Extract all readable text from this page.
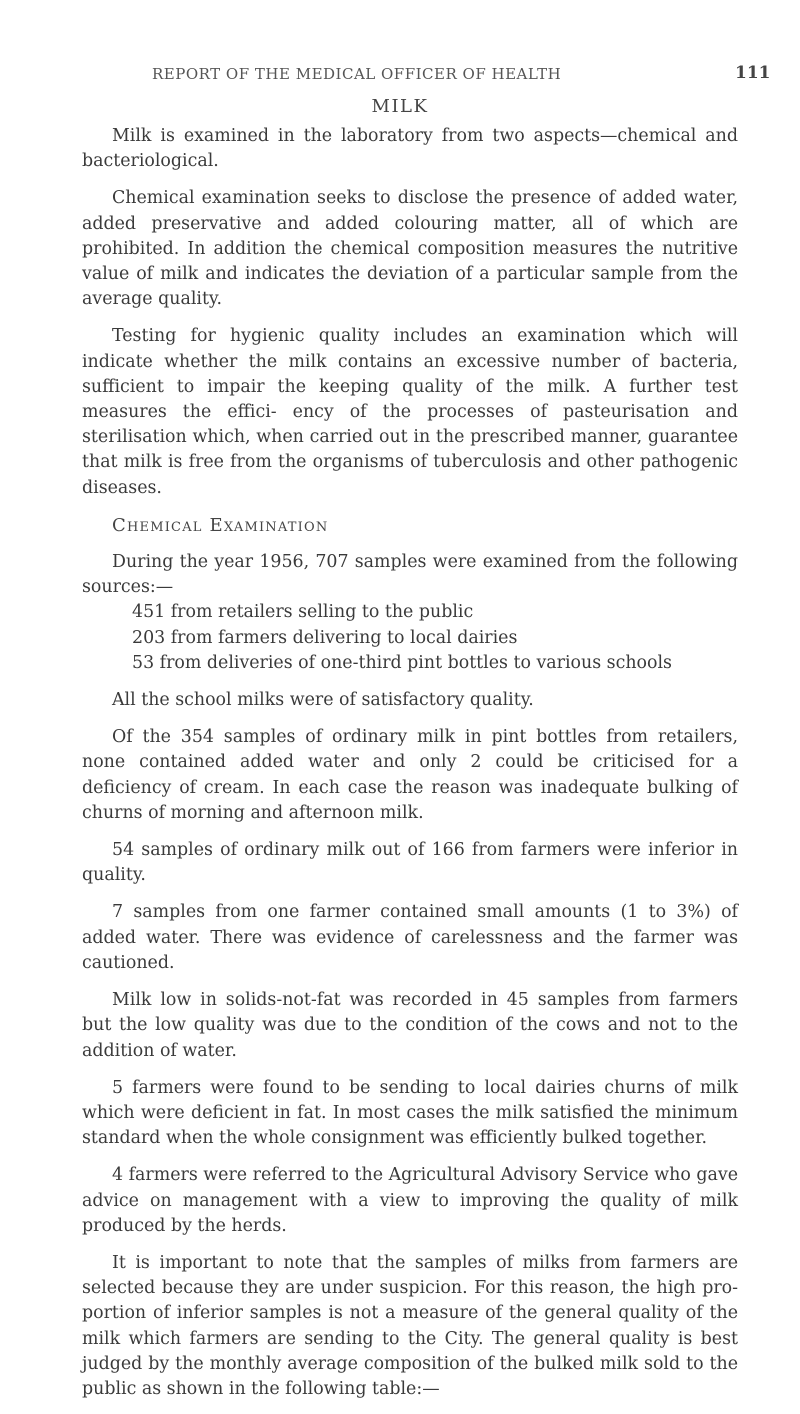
REPORT OF THE MEDICAL OFFICER OF HEALTH	111
MILK

Milk is examined in the laboratory from two aspects—chemical and bacteriological.

Chemical examination seeks to disclose the presence of added water, added preservative and added colouring matter, all of which are prohibited. In addition the chemical composition measures the nutritive value of milk and indicates the deviation of a particular sample from the average quality.

Testing for hygienic quality includes an examination which will indicate whether the milk contains an excessive number of bacteria, sufficient to impair the keeping quality of the milk. A further test measures the effici- ency of the processes of pasteurisation and sterilisation which, when carried out in the prescribed manner, guarantee that milk is free from the organisms of tuberculosis and other pathogenic diseases.

Chemical Examination

During the year 1956, 707 samples were examined from the following sources:—

451 from retailers selling to the public
203 from farmers delivering to local dairies
53 from deliveries of one-third pint bottles to various schools

All the school milks were of satisfactory quality.

Of the 354 samples of ordinary milk in pint bottles from retailers, none contained added water and only 2 could be criticised for a deficiency of cream. In each case the reason was inadequate bulking of churns of morning and afternoon milk.

54 samples of ordinary milk out of 166 from farmers were inferior in quality.

7 samples from one farmer contained small amounts (1 to 3%) of added water. There was evidence of carelessness and the farmer was cautioned.

Milk low in solids-not-fat was recorded in 45 samples from farmers but the low quality was due to the condition of the cows and not to the addition of water.

5 farmers were found to be sending to local dairies churns of milk which were deficient in fat. In most cases the milk satisfied the minimum standard when the whole consignment was efficiently bulked together.

4 farmers were referred to the Agricultural Advisory Service who gave advice on management with a view to improving the quality of milk produced by the herds.

It is important to note that the samples of milks from farmers are selected because they are under suspicion. For this reason, the high pro- portion of inferior samples is not a measure of the general quality of the milk which farmers are sending to the City. The general quality is best judged by the monthly average composition of the bulked milk sold to the public as shown in the following table:—
